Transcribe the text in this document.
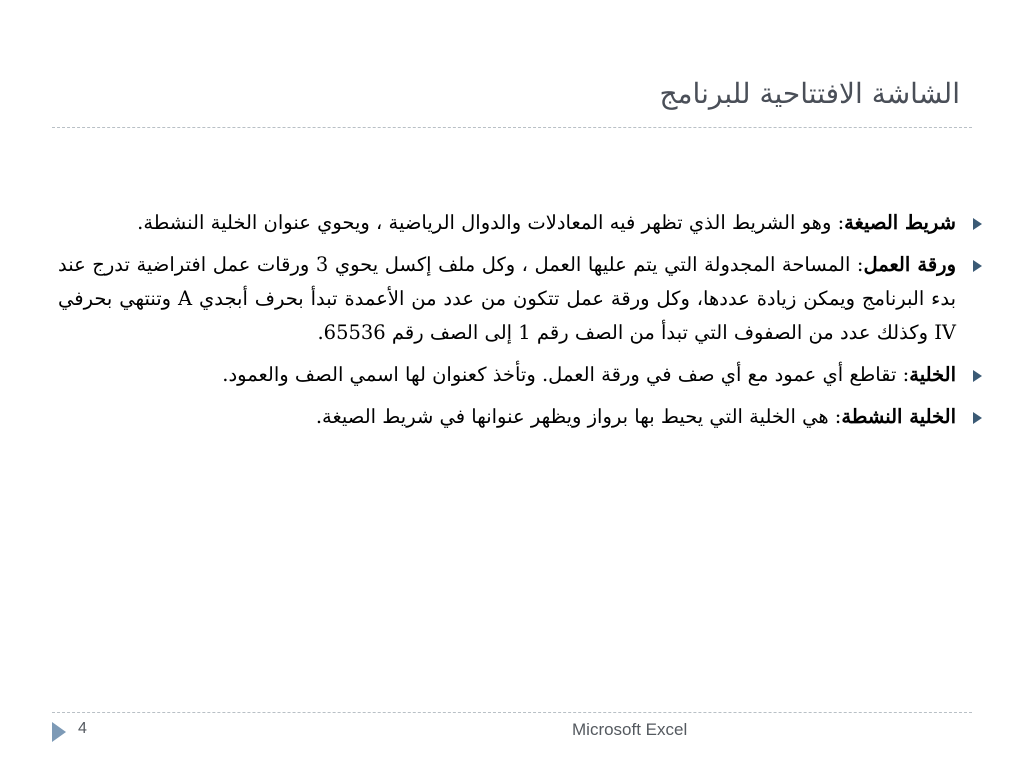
الشاشة الافتتاحية للبرنامج
شريط الصيغة: وهو الشريط الذي تظهر فيه المعادلات والدوال الرياضية ، ويحوي عنوان الخلية النشطة.
ورقة العمل: المساحة المجدولة التي يتم عليها العمل ، وكل ملف إكسل يحوي 3 ورقات عمل افتراضية تدرج عند بدء البرنامج ويمكن زيادة عددها، وكل ورقة عمل تتكون من عدد من الأعمدة تبدأ بحرف أبجدي A وتنتهي بحرفي IV وكذلك عدد من الصفوف التي تبدأ من الصف رقم 1 إلى الصف رقم 65536.
الخلية: تقاطع أي عمود مع أي صف في ورقة العمل. وتأخذ كعنوان لها اسمي الصف والعمود.
الخلية النشطة: هي الخلية التي يحيط بها برواز ويظهر عنوانها في شريط الصيغة.
4	Microsoft Excel
